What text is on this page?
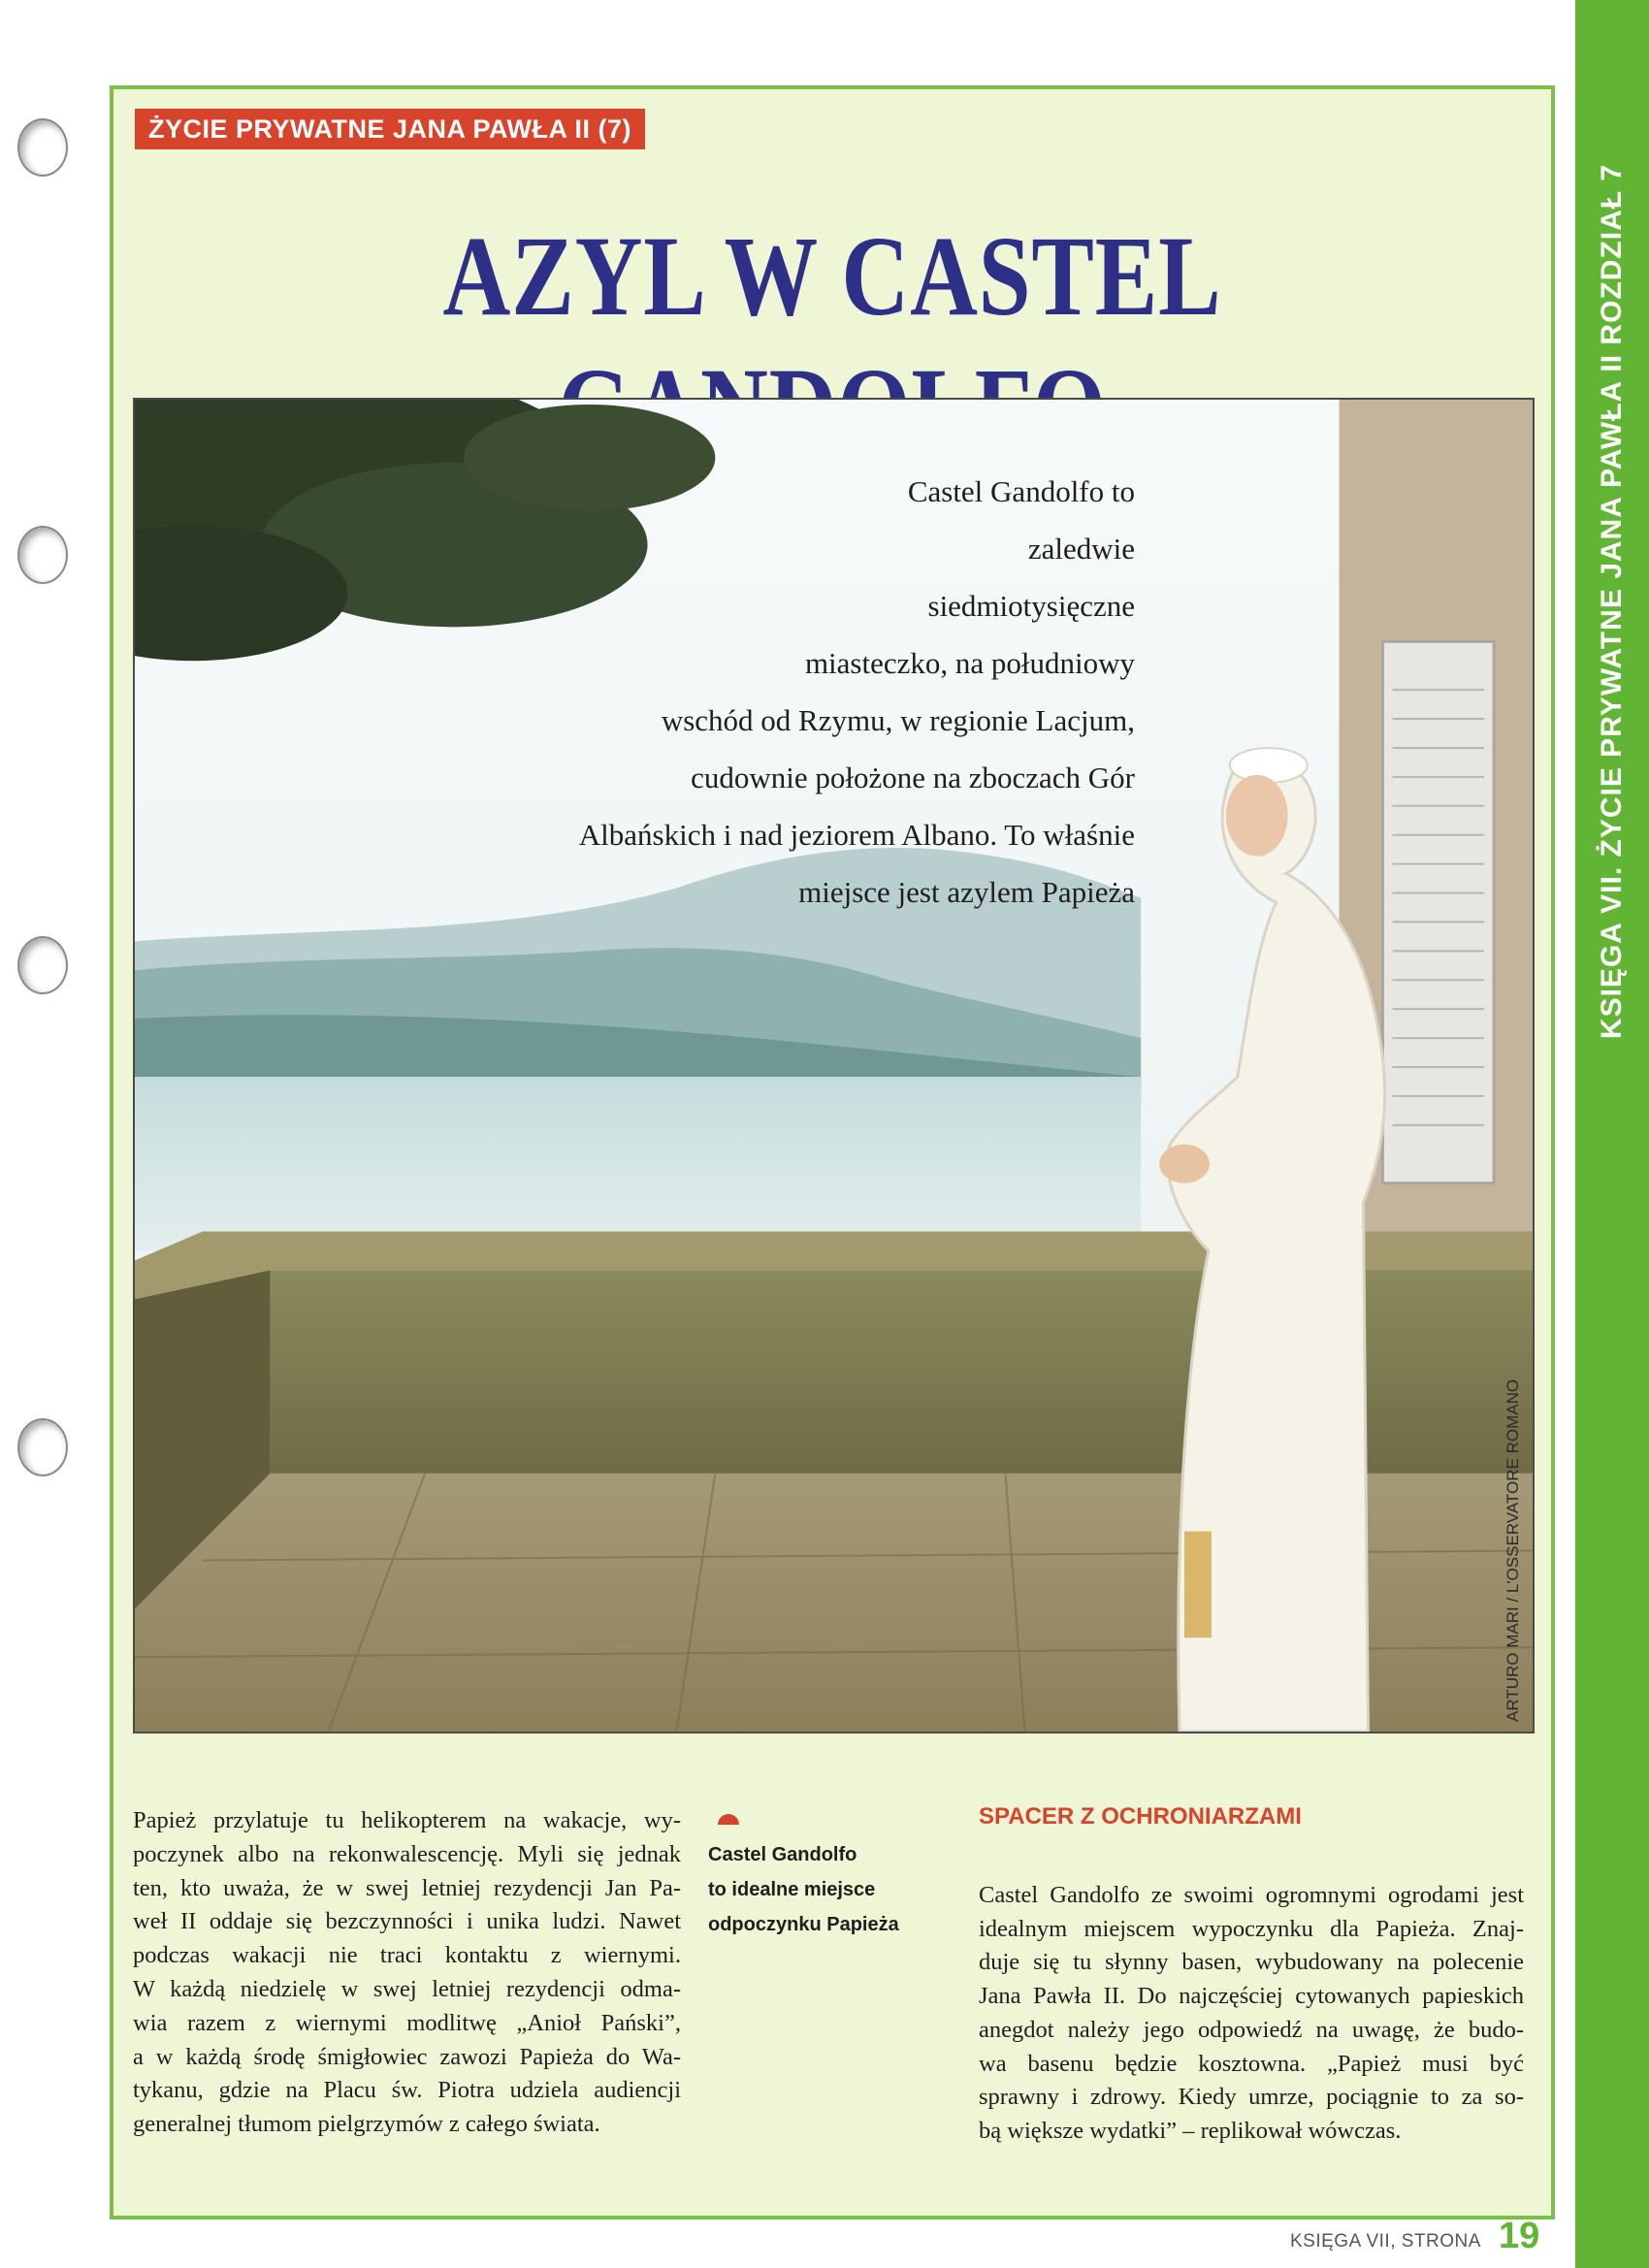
KSIĘGA VII. ŻYCIE PRYWATNE JANA PAWŁA II ROZDZIAŁ 7
ŻYCIE PRYWATNE JANA PAWŁA II (7)
AZYL W CASTEL
Castel Gandolfo to
zaledwie
siedmiotysięczne
miasteczko, na południowy
wschód od Rzymu, w regionie Lacjum,
cudownie położone na zboczach Gór
Albańskich i nad jeziorem Albano. To właśnie
miejsce jest azylem Papieża
ARTURO MARI / L'OSSERVATORE ROMANO
Papież przylatuje tu helikopterem na wakacje, wy-
poczynek albo na rekonwalescencję. Myli się jednak
ten, kto uważa, że w swej letniej rezydencji Jan Pa-
weł II oddaje się bezczynności i unika ludzi. Nawet
podczas wakacji nie traci kontaktu z wiernymi.
W każdą niedzielę w swej letniej rezydencji odma-
wia razem z wiernymi modlitwę „Anioł Pański”,
a w każdą środę śmigłowiec zawozi Papieża do Wa-
tykanu, gdzie na Placu św. Piotra udziela audiencji
generalnej tłumom pielgrzymów z całego świata.
Castel Gandolfo
to idealne miejsce
odpoczynku Papieża
SPACER Z OCHRONIARZAMI
Castel Gandolfo ze swoimi ogromnymi ogrodami jest
idealnym miejscem wypoczynku dla Papieża. Znaj-
duje się tu słynny basen, wybudowany na polecenie
Jana Pawła II. Do najczęściej cytowanych papieskich
anegdot należy jego odpowiedź na uwagę, że budo-
wa basenu będzie kosztowna. „Papież musi być
sprawny i zdrowy. Kiedy umrze, pociągnie to za so-
bą większe wydatki” – replikował wówczas.
KSIĘGA VII, STRONA 19
